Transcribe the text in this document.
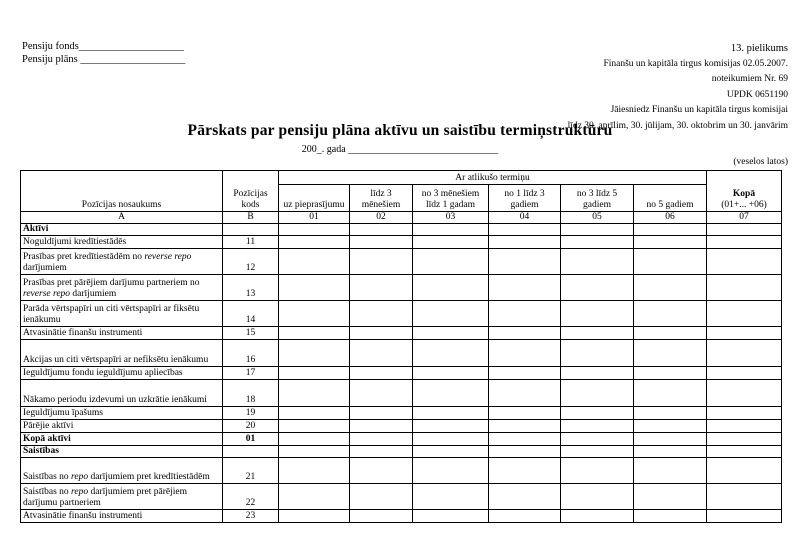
Pensiju fonds____________________
Pensiju plāns ____________________
13. pielikums
Finanšu un kapitāla tirgus komisijas 02.05.2007.
noteikumiem Nr. 69
UPDK 0651190
Jāiesniedz Finanšu un kapitāla tirgus komisijai
līdz 30. aprīlim, 30. jūlijam, 30. oktobrim un 30. janvārim
Pārskats par pensiju plāna aktīvu un saistību termiņstruktūru
200_. gada ______________________________
(veselos latos)
Pozīcijas nosaukums	Pozīcijas kods	Ar atlikušo termiņu						Kopā
(01+... +06)
		uz pieprasījumu	līdz 3 mēnešiem	no 3 mēnešiem līdz 1 gadam	no 1 līdz 3 gadiem	no 3 līdz 5 gadiem	no 5 gadiem	
A	B	01	02	03	04	05	06	07
Aktīvi								
Noguldījumi kredītiestādēs	11							
Prasības pret kredītiestādēm no reverse repo darījumiem	12							
Prasības pret pārējiem darījumu partneriem no reverse repo darījumiem	13							
Parāda vērtspapīri un citi vērtspapīri ar fiksētu ienākumu	14							
Atvasinātie finanšu instrumenti	15							
Akcijas un citi vērtspapīri ar nefiksētu ienākumu	16							
Ieguldījumu fondu ieguldījumu apliecības	17							
Nākamo periodu izdevumi un uzkrātie ienākumi	18							
Ieguldījumu īpašums	19							
Pārējie aktīvi	20							
Kopā aktīvi	01							
Saistības								
Saistības no repo darījumiem pret kredītiestādēm	21							
Saistības no repo darījumiem pret pārējiem darījumu partneriem	22							
Atvasinātie finanšu instrumenti	23							
